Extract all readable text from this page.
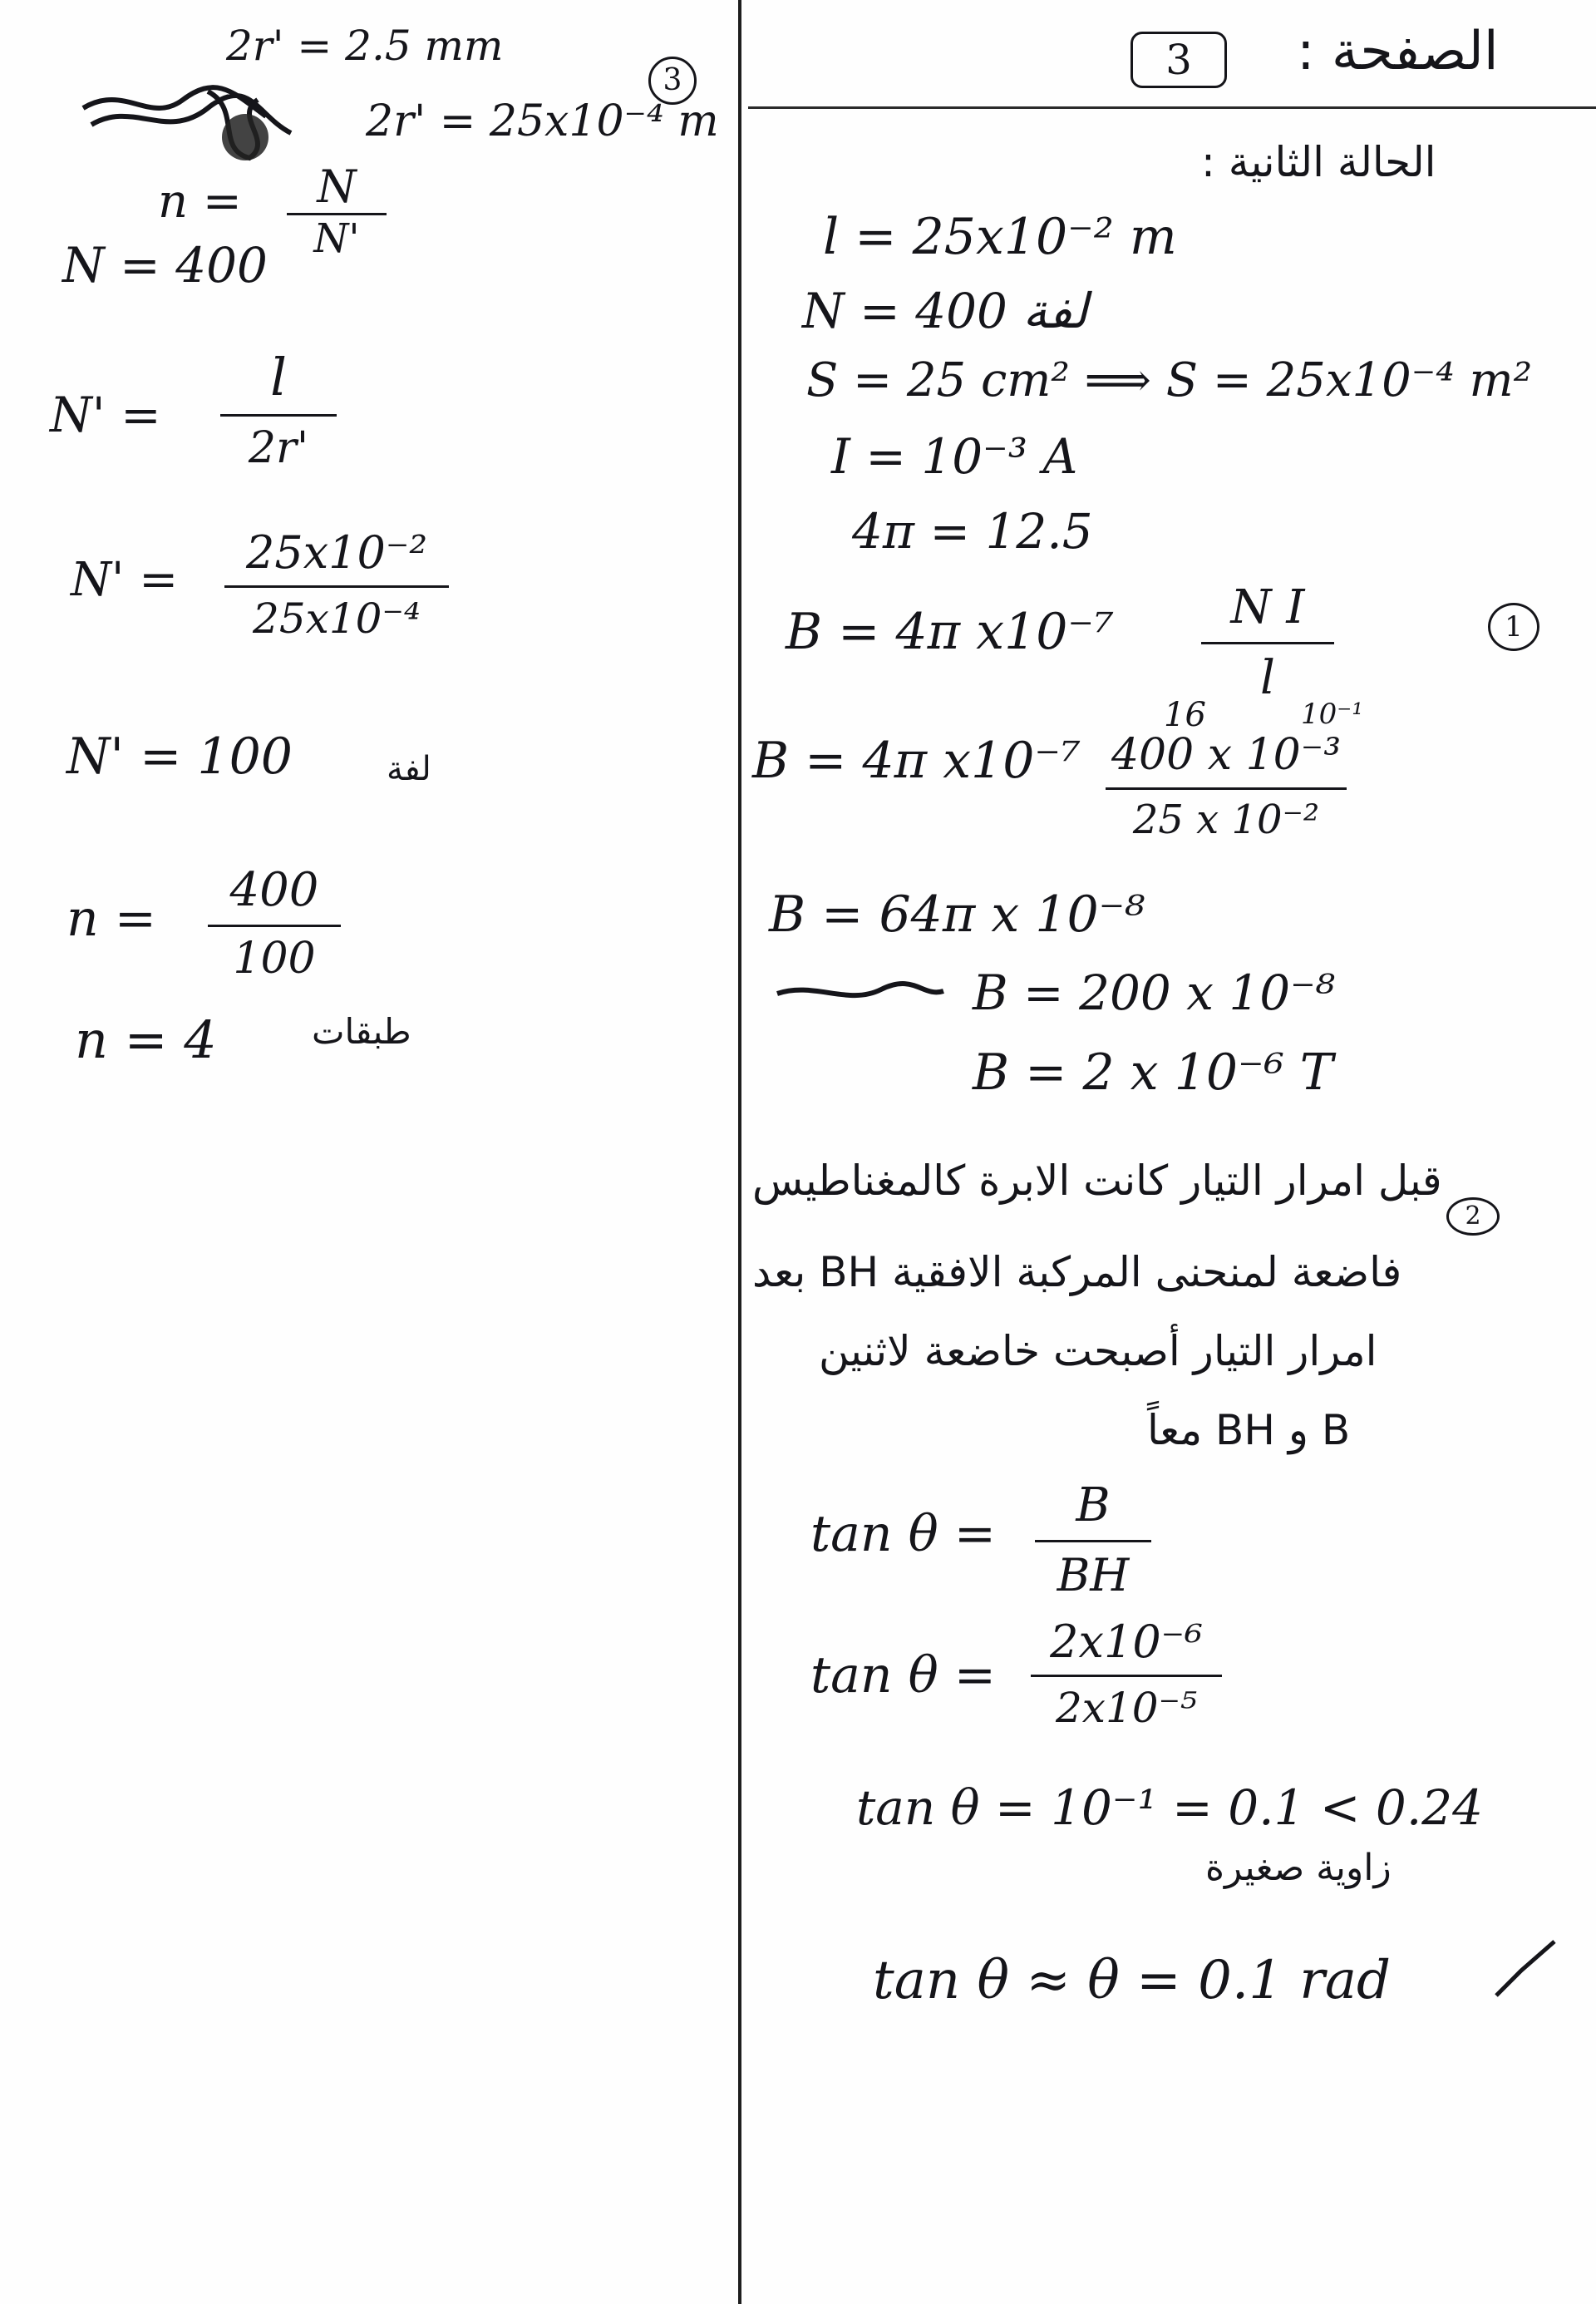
الصفحة :
3
2r' = 2.5 mm
2r' = 25x10⁻⁴ m
3
n =	N
N'
N = 400
N' =
l
2r'
N' =
25x10⁻²
25x10⁻⁴
N' = 100	لفة
n =	400
100
n = 4	طبقات
الحالة الثانية :
l = 25x10⁻² m
N = 400 لفة
S = 25 cm² ⟹ S = 25x10⁻⁴ m²
I = 10⁻³ A
4π = 12.5
B = 4π x10⁻⁷	N I
l
1
B = 4π x10⁻⁷
16	10⁻¹
400 x 10⁻³
25 x 10⁻²
B = 64π x 10⁻⁸
B = 200 x 10⁻⁸
B = 2 x 10⁻⁶ T
2
قبل امرار التيار كانت الابرة كالمغناطيس
فاضعة لمنحنى المركبة الافقية BH بعد
امرار التيار أصبحت خاضعة لاثنين
B و BH معاً
tan θ =	B
BH
tan θ =
2x10⁻⁶
2x10⁻⁵
tan θ = 10⁻¹ = 0.1 < 0.24
زاوية صغيرة
tan θ ≈ θ = 0.1 rad
